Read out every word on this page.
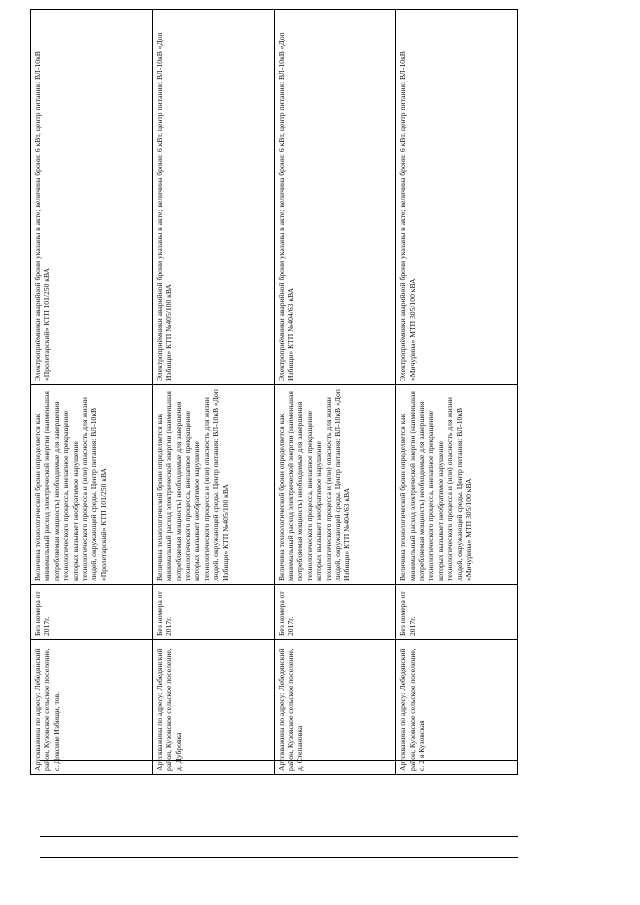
Артскважина по адресу: Лебедянский район, Кузовское сельское поселение, с. Доксине Избищи, тов.	Без номера от 2017г.	Величина технологической брони определяется как минимальный расход электрической энергии (наименьшая потребляемая мощность) необходимые для завершения технологического процесса, внезапное прекращение которых вызывает необратимое нарушение технологического процесса и (или) опасность для жизни людей, окружающей среды. Центр питания: ВЛ-10кВ «Пролетарский» КТП 101/250 кВА	Электроприёмники аварийной брони указаны в акте; величина брони: 6 кВт, центр питания: ВЛ-10кВ «Пролетарский» КТП 101/250 кВА
Артскважина по адресу: Лебедянский район, Кузовское сельское поселение, д. Дубровка	Без номера от 2017г.	Величина технологической брони определяется как минимальный расход электрической энергии (наименьшая потребляемая мощность) необходимые для завершения технологического процесса, внезапное прекращение которых вызывает необратимое нарушение технологического процесса и (или) опасность для жизни людей, окружающей среды. Центр питания: ВЛ-10кВ «Доп Избищи» КТП №405/100 кВА	Электроприёмники аварийной брони указаны в акте; величина брони: 6 кВт, центр питания: ВЛ-10кВ «Доп Избищи» КТП №405/100 кВА
Артскважина по адресу: Лебедянский район, Кузовское сельское поселение, д. Степановка	Без номера от 2017г.	Величина технологической брони определяется как минимальный расход электрической энергии (наименьшая потребляемая мощность) необходимые для завершения технологического процесса, внезапное прекращение которых вызывает необратимое нарушение технологического процесса и (или) опасность для жизни людей, окружающей среды. Центр питания: ВЛ-10кВ «Доп Избищи» КТП №404/63 кВА	Электроприёмники аварийной брони указаны в акте; величина брони: 6 кВт, центр питания: ВЛ-10кВ «Доп Избищи» КТП №404/63 кВА
Артскважина по адресу: Лебедянский район, Кузовское сельское поселение, с. 2 я Кузовская	Без номера от 2017г.	Величина технологической брони определяется как минимальный расход электрической энергии (наименьшая потребляемая мощность) необходимые для завершения технологического процесса, внезапное прекращение которых вызывает необратимое нарушение технологического процесса и (или) опасность для жизни людей, окружающей среды. Центр питания: ВЛ-10кВ «Мичурина» МТП 305/100 кВА	Электроприёмники аварийной брони указаны в акте; величина брони: 6 кВт, центр питания: ВЛ-10кВ «Мичурина» МТП 305/100 кВА
